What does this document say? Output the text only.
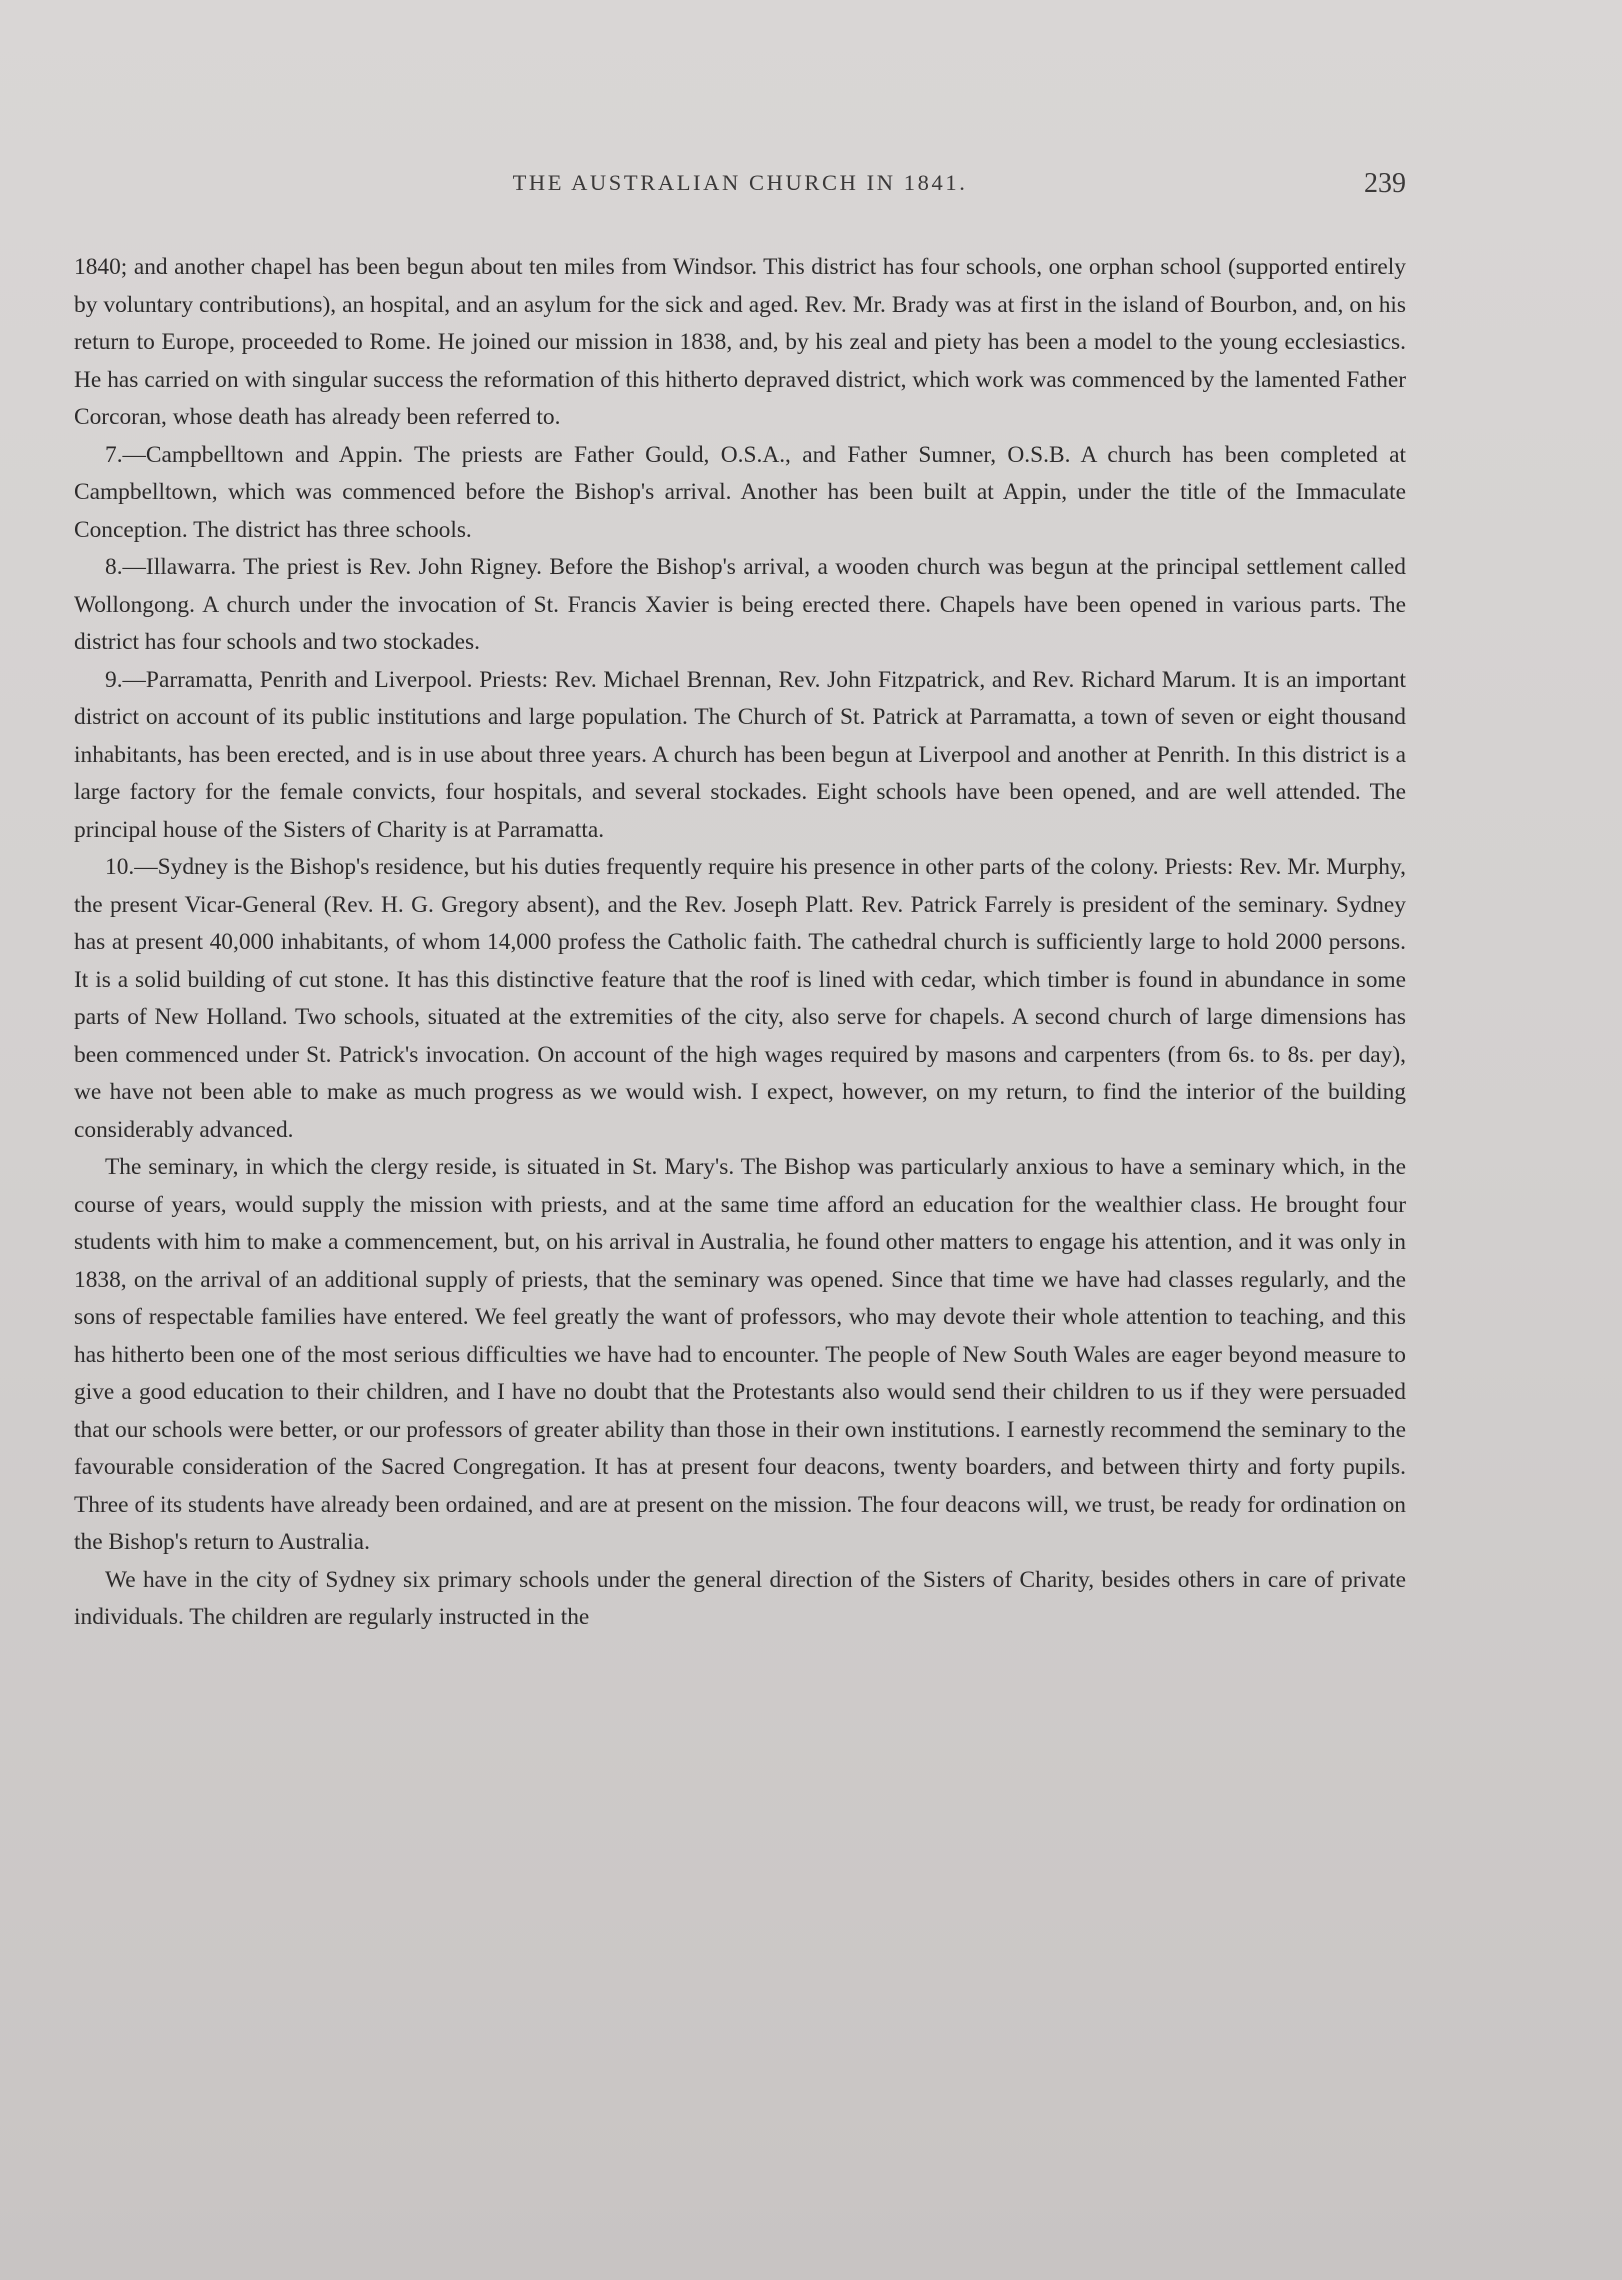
THE AUSTRALIAN CHURCH IN 1841.	239

1840; and another chapel has been begun about ten miles from Windsor. This district has four schools, one orphan school (supported entirely by voluntary contributions), an hospital, and an asylum for the sick and aged. Rev. Mr. Brady was at first in the island of Bourbon, and, on his return to Europe, proceeded to Rome. He joined our mission in 1838, and, by his zeal and piety has been a model to the young ecclesiastics. He has carried on with singular success the reformation of this hitherto depraved district, which work was commenced by the lamented Father Corcoran, whose death has already been referred to.

7.—Campbelltown and Appin. The priests are Father Gould, O.S.A., and Father Sumner, O.S.B. A church has been completed at Campbelltown, which was commenced before the Bishop's arrival. Another has been built at Appin, under the title of the Immaculate Conception. The district has three schools.

8.—Illawarra. The priest is Rev. John Rigney. Before the Bishop's arrival, a wooden church was begun at the principal settlement called Wollongong. A church under the invocation of St. Francis Xavier is being erected there. Chapels have been opened in various parts. The district has four schools and two stockades.

9.—Parramatta, Penrith and Liverpool. Priests: Rev. Michael Brennan, Rev. John Fitzpatrick, and Rev. Richard Marum. It is an important district on account of its public institutions and large population. The Church of St. Patrick at Parramatta, a town of seven or eight thousand inhabitants, has been erected, and is in use about three years. A church has been begun at Liverpool and another at Penrith. In this district is a large factory for the female convicts, four hospitals, and several stockades. Eight schools have been opened, and are well attended. The principal house of the Sisters of Charity is at Parramatta.

10.—Sydney is the Bishop's residence, but his duties frequently require his presence in other parts of the colony. Priests: Rev. Mr. Murphy, the present Vicar-General (Rev. H. G. Gregory absent), and the Rev. Joseph Platt. Rev. Patrick Farrely is president of the seminary. Sydney has at present 40,000 inhabitants, of whom 14,000 profess the Catholic faith. The cathedral church is sufficiently large to hold 2000 persons. It is a solid building of cut stone. It has this distinctive feature that the roof is lined with cedar, which timber is found in abundance in some parts of New Holland. Two schools, situated at the extremities of the city, also serve for chapels. A second church of large dimensions has been commenced under St. Patrick's invocation. On account of the high wages required by masons and carpenters (from 6s. to 8s. per day), we have not been able to make as much progress as we would wish. I expect, however, on my return, to find the interior of the building considerably advanced.

The seminary, in which the clergy reside, is situated in St. Mary's. The Bishop was particularly anxious to have a seminary which, in the course of years, would supply the mission with priests, and at the same time afford an education for the wealthier class. He brought four students with him to make a commencement, but, on his arrival in Australia, he found other matters to engage his attention, and it was only in 1838, on the arrival of an additional supply of priests, that the seminary was opened. Since that time we have had classes regularly, and the sons of respectable families have entered. We feel greatly the want of professors, who may devote their whole attention to teaching, and this has hitherto been one of the most serious difficulties we have had to encounter. The people of New South Wales are eager beyond measure to give a good education to their children, and I have no doubt that the Protestants also would send their children to us if they were persuaded that our schools were better, or our professors of greater ability than those in their own institutions. I earnestly recommend the seminary to the favourable consideration of the Sacred Congregation. It has at present four deacons, twenty boarders, and between thirty and forty pupils. Three of its students have already been ordained, and are at present on the mission. The four deacons will, we trust, be ready for ordination on the Bishop's return to Australia.

We have in the city of Sydney six primary schools under the general direction of the Sisters of Charity, besides others in care of private individuals. The children are regularly instructed in the
